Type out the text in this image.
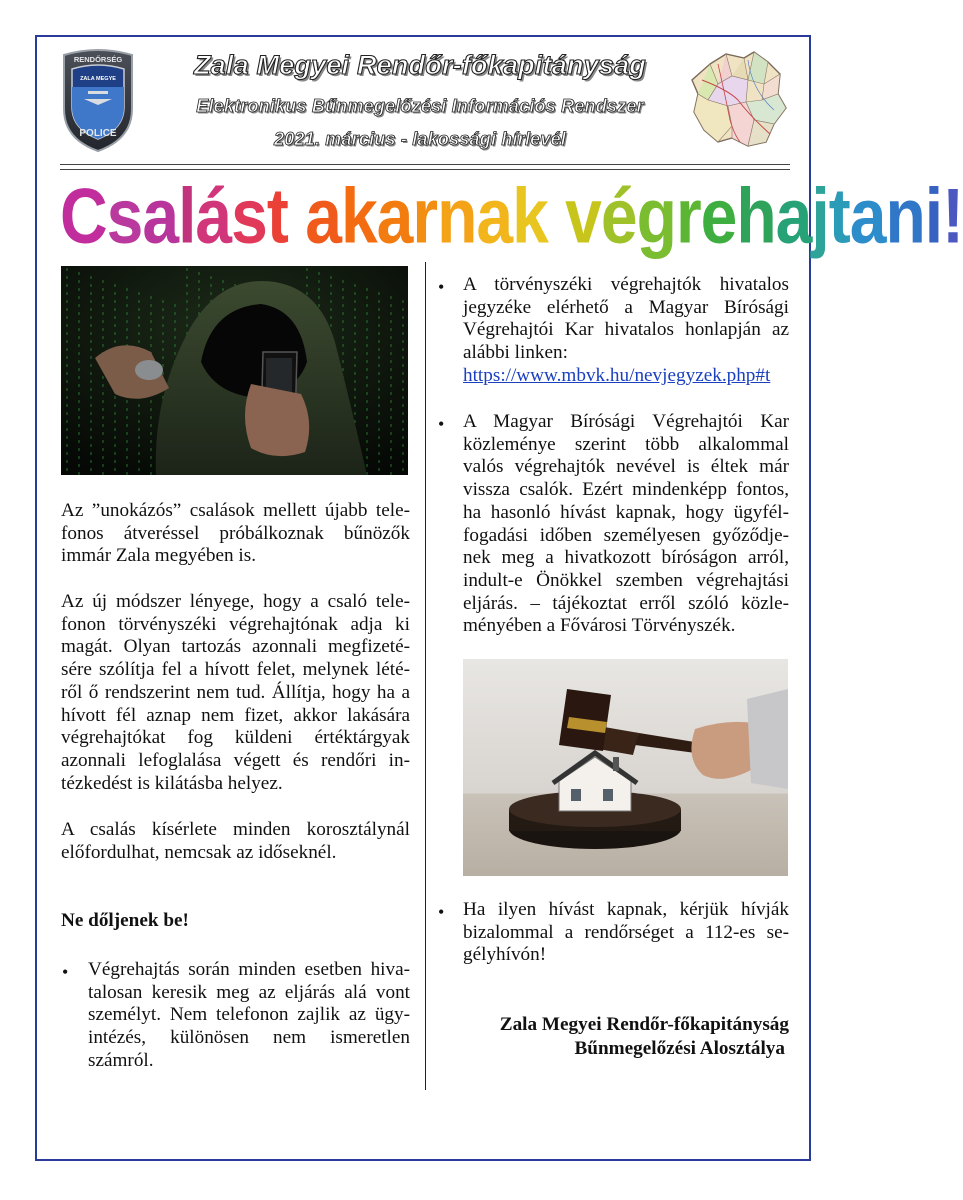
RENDŐRSÉG
ZALA MEGYE
POLICE
Zala Megyei Rendőr-főkapitányság
Elektronikus Bűnmegelőzési Információs Rendszer
2021. március - lakossági hírlevél
Csalást akarnak végrehajtani!
Az ”unokázós” csalások mellett újabb tele-
fonos átveréssel próbálkoznak bűnözők
immár Zala megyében is.
Az új módszer lényege, hogy a csaló tele-
fonon törvényszéki végrehajtónak adja ki
magát. Olyan tartozás azonnali megfizeté-
sére szólítja fel a hívott felet, melynek lété-
ről ő rendszerint nem tud. Állítja, hogy ha a
hívott fél aznap nem fizet, akkor lakására
végrehajtókat fog küldeni értéktárgyak
azonnali lefoglalása végett és rendőri in-
tézkedést is kilátásba helyez.
A csalás kísérlete minden korosztálynál
előfordulhat, nemcsak az időseknél.
Ne dőljenek be!
• Végrehajtás során minden esetben hiva-
talosan keresik meg az eljárás alá vont
személyt. Nem telefonon zajlik az ügy-
intézés, különösen nem ismeretlen
számról.
• A törvényszéki végrehajtók hivatalos
jegyzéke elérhető a Magyar Bírósági
Végrehajtói Kar hivatalos honlapján az
alábbi linken:
https://www.mbvk.hu/nevjegyzek.php#t
• A Magyar Bírósági Végrehajtói Kar
közleménye szerint több alkalommal
valós végrehajtók nevével is éltek már
vissza csalók. Ezért mindenképp fontos,
ha hasonló hívást kapnak, hogy ügyfél-
fogadási időben személyesen győződje-
nek meg a hivatkozott bíróságon arról,
indult-e Önökkel szemben végrehajtási
eljárás. – tájékoztat erről szóló közle-
ményében a Fővárosi Törvényszék.
• Ha ilyen hívást kapnak, kérjük hívják
bizalommal a rendőrséget a 112-es se-
gélyhívón!
Zala Megyei Rendőr-főkapitányság
Bűnmegelőzési Alosztálya
